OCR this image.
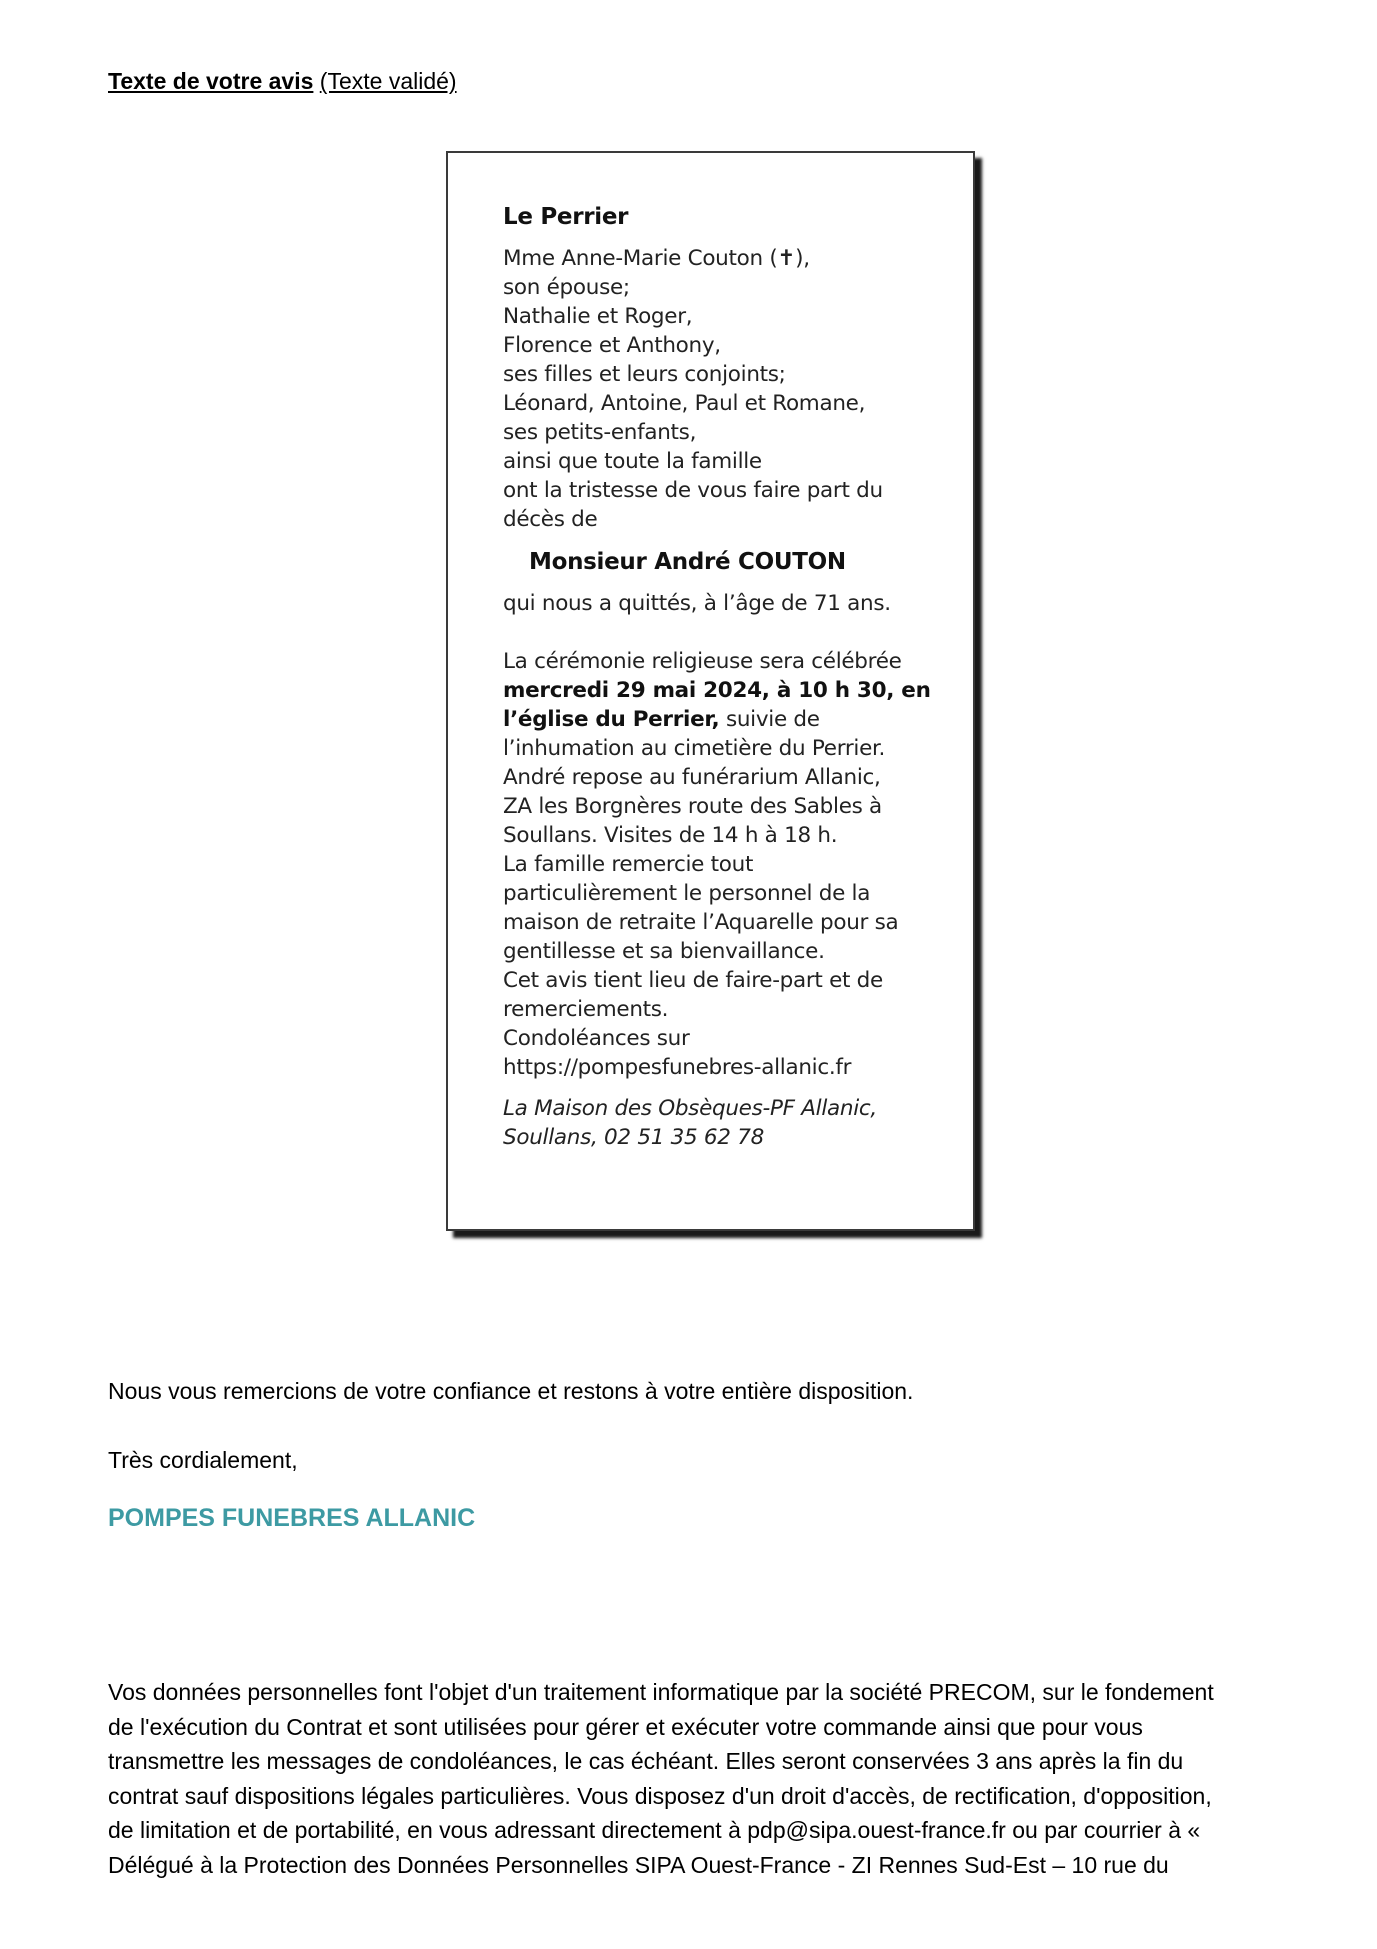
Texte de votre avis (Texte validé)
Le Perrier
Mme Anne-Marie Couton (✝),
son épouse;
Nathalie et Roger,
Florence et Anthony,
ses filles et leurs conjoints;
Léonard, Antoine, Paul et Romane,
ses petits-enfants,
ainsi que toute la famille
ont la tristesse de vous faire part du
décès de
Monsieur André COUTON
qui nous a quittés, à l’âge de 71 ans.
La cérémonie religieuse sera célébrée
mercredi 29 mai 2024, à 10 h 30, en
l’église du Perrier, suivie de
l’inhumation au cimetière du Perrier.
André repose au funérarium Allanic,
ZA les Borgnères route des Sables à
Soullans. Visites de 14 h à 18 h.
La famille remercie tout
particulièrement le personnel de la
maison de retraite l’Aquarelle pour sa
gentillesse et sa bienvaillance.
Cet avis tient lieu de faire-part et de
remerciements.
Condoléances sur
https://pompesfunebres-allanic.fr
La Maison des Obsèques-PF Allanic,
Soullans, 02 51 35 62 78
Nous vous remercions de votre confiance et restons à votre entière disposition.
Très cordialement,
POMPES FUNEBRES ALLANIC
Vos données personnelles font l'objet d'un traitement informatique par la société PRECOM, sur le fondement
de l'exécution du Contrat et sont utilisées pour gérer et exécuter votre commande ainsi que pour vous
transmettre les messages de condoléances, le cas échéant. Elles seront conservées 3 ans après la fin du
contrat sauf dispositions légales particulières. Vous disposez d'un droit d'accès, de rectification, d'opposition,
de limitation et de portabilité, en vous adressant directement à pdp@sipa.ouest-france.fr ou par courrier à «
Délégué à la Protection des Données Personnelles SIPA Ouest-France - ZI Rennes Sud-Est – 10 rue du
